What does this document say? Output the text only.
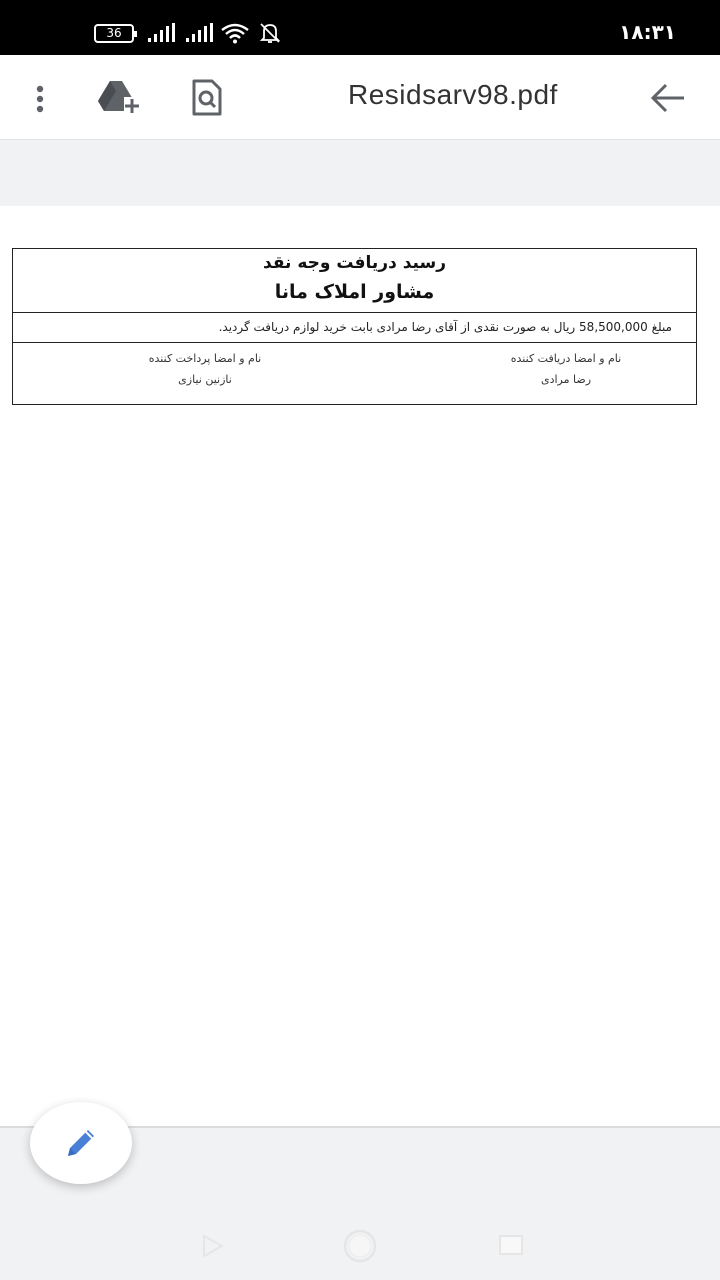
36	۱۸:۳۱
Residsarv98.pdf
رسید دریافت وجه نقد
مشاور املاک مانا
مبلغ 58,500,000 ریال به صورت نقدی از آقای رضا مرادی بابت خرید لوازم دریافت گردید.
نام و امضا دریافت کننده
رضا مرادی
نام و امضا پرداخت کننده
نازنین نیازی
